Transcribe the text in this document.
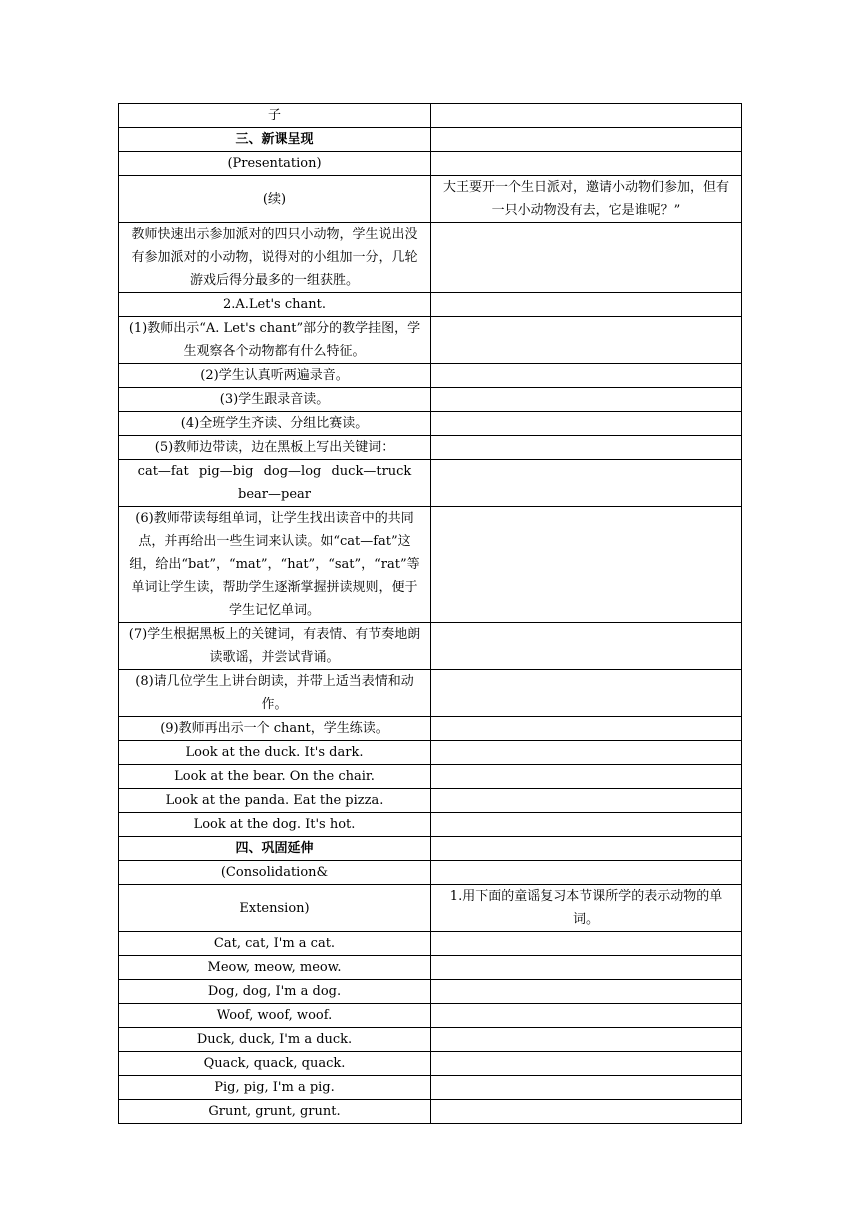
子	
三、新课呈现	
(Presentation)	
(续)	大王要开一个生日派对，邀请小动物们参加，但有一只小动物没有去，它是谁呢？”
教师快速出示参加派对的四只小动物，学生说出没有参加派对的小动物，说得对的小组加一分，几轮游戏后得分最多的一组获胜。	
2.A.Let's chant.	
(1)教师出示“A. Let's chant”部分的教学挂图，学生观察各个动物都有什么特征。	
(2)学生认真听两遍录音。	
(3)学生跟录音读。	
(4)全班学生齐读、分组比赛读。	
(5)教师边带读，边在黑板上写出关键词：	
cat—fat pig—big dog—log duck—truck bear—pear	
(6)教师带读每组单词，让学生找出读音中的共同点，并再给出一些生词来认读。如“cat—fat”这组，给出“bat”，“mat”，“hat”，“sat”，“rat”等单词让学生读，帮助学生逐渐掌握拼读规则，便于学生记忆单词。	
(7)学生根据黑板上的关键词，有表情、有节奏地朗读歌谣，并尝试背诵。	
(8)请几位学生上讲台朗读，并带上适当表情和动作。	
(9)教师再出示一个 chant，学生练读。	
Look at the duck. It's dark.	
Look at the bear. On the chair.	
Look at the panda. Eat the pizza.	
Look at the dog. It's hot.	
四、巩固延伸	
(Consolidation&	
Extension)	1.用下面的童谣复习本节课所学的表示动物的单词。
Cat, cat, I'm a cat.	
Meow, meow, meow.	
Dog, dog, I'm a dog.	
Woof, woof, woof.	
Duck, duck, I'm a duck.	
Quack, quack, quack.	
Pig, pig, I'm a pig.	
Grunt, grunt, grunt.	
